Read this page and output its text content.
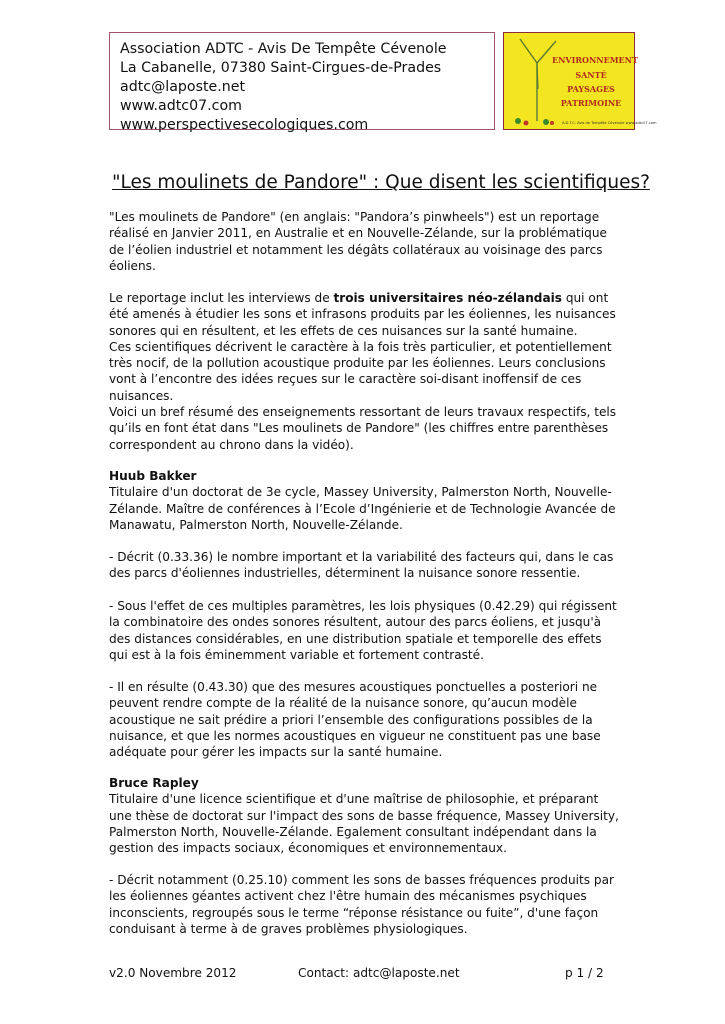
Association ADTC - Avis De Tempête Cévenole
La Cabanelle, 07380 Saint-Cirgues-de-Prades
adtc@laposte.net
www.adtc07.com
www.perspectivesecologiques.com
ENVIRONNEMENT
SANTÉ
PAYSAGES
PATRIMOINE
A.D.T.C. Avis de Tempête Cévenole www.adtc07.com
"Les moulinets de Pandore" : Que disent les scientifiques?

"Les moulinets de Pandore" (en anglais: "Pandora’s pinwheels") est un reportage réalisé en Janvier 2011, en Australie et en Nouvelle-Zélande, sur la problématique de l’éolien industriel et notamment les dégâts collatéraux au voisinage des parcs éoliens.

Le reportage inclut les interviews de trois universitaires néo-zélandais qui ont été amenés à étudier les sons et infrasons produits par les éoliennes, les nuisances sonores qui en résultent, et les effets de ces nuisances sur la santé humaine.

Ces scientifiques décrivent le caractère à la fois très particulier, et potentiellement très nocif, de la pollution acoustique produite par les éoliennes. Leurs conclusions vont à l’encontre des idées reçues sur le caractère soi-disant inoffensif de ces nuisances.

Voici un bref résumé des enseignements ressortant de leurs travaux respectifs, tels qu’ils en font état dans "Les moulinets de Pandore" (les chiffres entre parenthèses correspondent au chrono dans la vidéo).

Huub Bakker

Titulaire d'un doctorat de 3e cycle, Massey University, Palmerston North, Nouvelle-Zélande. Maître de conférences à l’Ecole d’Ingénierie et de Technologie Avancée de Manawatu, Palmerston North, Nouvelle-Zélande.

- Décrit (0.33.36) le nombre important et la variabilité des facteurs qui, dans le cas des parcs d'éoliennes industrielles, déterminent la nuisance sonore ressentie.

- Sous l'effet de ces multiples paramètres, les lois physiques (0.42.29) qui régissent la combinatoire des ondes sonores résultent, autour des parcs éoliens, et jusqu'à des distances considérables, en une distribution spatiale et temporelle des effets qui est à la fois éminemment variable et fortement contrasté.

- Il en résulte (0.43.30) que des mesures acoustiques ponctuelles a posteriori ne peuvent rendre compte de la réalité de la nuisance sonore, qu’aucun modèle acoustique ne sait prédire a priori l’ensemble des configurations possibles de la nuisance, et que les normes acoustiques en vigueur ne constituent pas une base adéquate pour gérer les impacts sur la santé humaine.

Bruce Rapley

Titulaire d'une licence scientifique et d'une maîtrise de philosophie, et préparant une thèse de doctorat sur l'impact des sons de basse fréquence, Massey University, Palmerston North, Nouvelle-Zélande. Egalement consultant indépendant dans la gestion des impacts sociaux, économiques et environnementaux.

- Décrit notamment (0.25.10) comment les sons de basses fréquences produits par les éoliennes géantes activent chez l'être humain des mécanismes psychiques inconscients, regroupés sous le terme “réponse résistance ou fuite”, d'une façon conduisant à terme à de graves problèmes physiologiques.

v2.0 Novembre 2012	Contact: adtc@laposte.net	p 1 / 2
